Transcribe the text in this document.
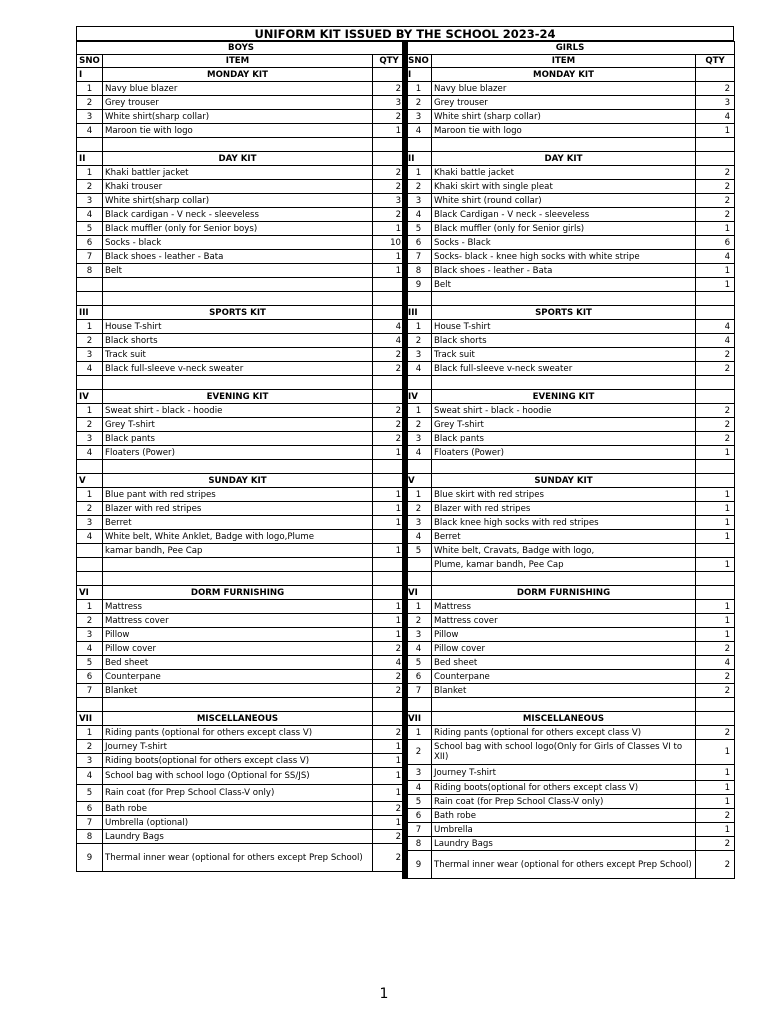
UNIFORM KIT ISSUED BY THE SCHOOL 2023-24
BOYS		
SNO	ITEM	QTY
I	MONDAY KIT	
1	Navy blue blazer	2
2	Grey trouser	3
3	White shirt(sharp collar)	2
4	Maroon tie with logo	1

II	DAY KIT	
1	Khaki battler jacket	2
2	Khaki trouser	2
3	White shirt(sharp collar)	3
4	Black cardigan - V neck - sleeveless	2
5	Black muffler (only for Senior boys)	1
6	Socks - black	10
7	Black shoes - leather - Bata	1
8	Belt	1

III	SPORTS KIT	
1	House T-shirt	4
2	Black shorts	4
3	Track suit	2
4	Black full-sleeve v-neck sweater	2

IV	EVENING KIT	
1	Sweat shirt - black - hoodie	2
2	Grey T-shirt	2
3	Black pants	2
4	Floaters (Power)	1

V	SUNDAY KIT	
1	Blue pant with red stripes	1
2	Blazer with red stripes	1
3	Berret	1
4	White belt, White Anklet, Badge with logo,Plume	
	kamar bandh, Pee Cap	1

VI	DORM FURNISHING	
1	Mattress	1
2	Mattress cover	1
3	Pillow	1
4	Pillow cover	2
5	Bed sheet	4
6	Counterpane	2
7	Blanket	2

VII	MISCELLANEOUS	
1	Riding pants (optional for others except class V)	2
2	Journey T-shirt	1
3	Riding boots(optional for others except class V)	1
4	School bag with school logo (Optional for SS/JS)	1
5	Rain coat (for Prep School Class-V only)	1
6	Bath robe	2
7	Umbrella (optional)	1
8	Laundry Bags	2
9	Thermal inner wear (optional for others except Prep School)	2
GIRLS		
SNO	ITEM	QTY
I	MONDAY KIT	
1	Navy blue blazer	2
2	Grey trouser	3
3	White shirt (sharp collar)	4
4	Maroon tie with logo	1

II	DAY KIT	
1	Khaki battle jacket	2
2	Khaki skirt with single pleat	2
3	White shirt (round collar)	2
4	Black Cardigan - V neck - sleeveless	2
5	Black muffler (only for Senior girls)	1
6	Socks - Black	6
7	Socks- black - knee high socks with white stripe	4
8	Black shoes - leather - Bata	1
9	Belt	1

III	SPORTS KIT	
1	House T-shirt	4
2	Black shorts	4
3	Track suit	2
4	Black full-sleeve v-neck sweater	2

IV	EVENING KIT	
1	Sweat shirt - black - hoodie	2
2	Grey T-shirt	2
3	Black pants	2
4	Floaters (Power)	1

V	SUNDAY KIT	
1	Blue skirt with red stripes	1
2	Blazer with red stripes	1
3	Black knee high socks with red stripes	1
4	Berret	1
5	White belt, Cravats, Badge with logo,	
	Plume, kamar bandh, Pee Cap	1

VI	DORM FURNISHING	
1	Mattress	1
2	Mattress cover	1
3	Pillow	1
4	Pillow cover	2
5	Bed sheet	4
6	Counterpane	2
7	Blanket	2

VII	MISCELLANEOUS	
1	Riding pants (optional for others except class V)	2
2	School bag with school logo(Only for Girls of Classes VI to XII)	1
3	Journey T-shirt	1
4	Riding boots(optional for others except class V)	1
5	Rain coat (for Prep School Class-V only)	1
6	Bath robe	2
7	Umbrella	1
8	Laundry Bags	2
9	Thermal inner wear (optional for others except Prep School)	2
1
